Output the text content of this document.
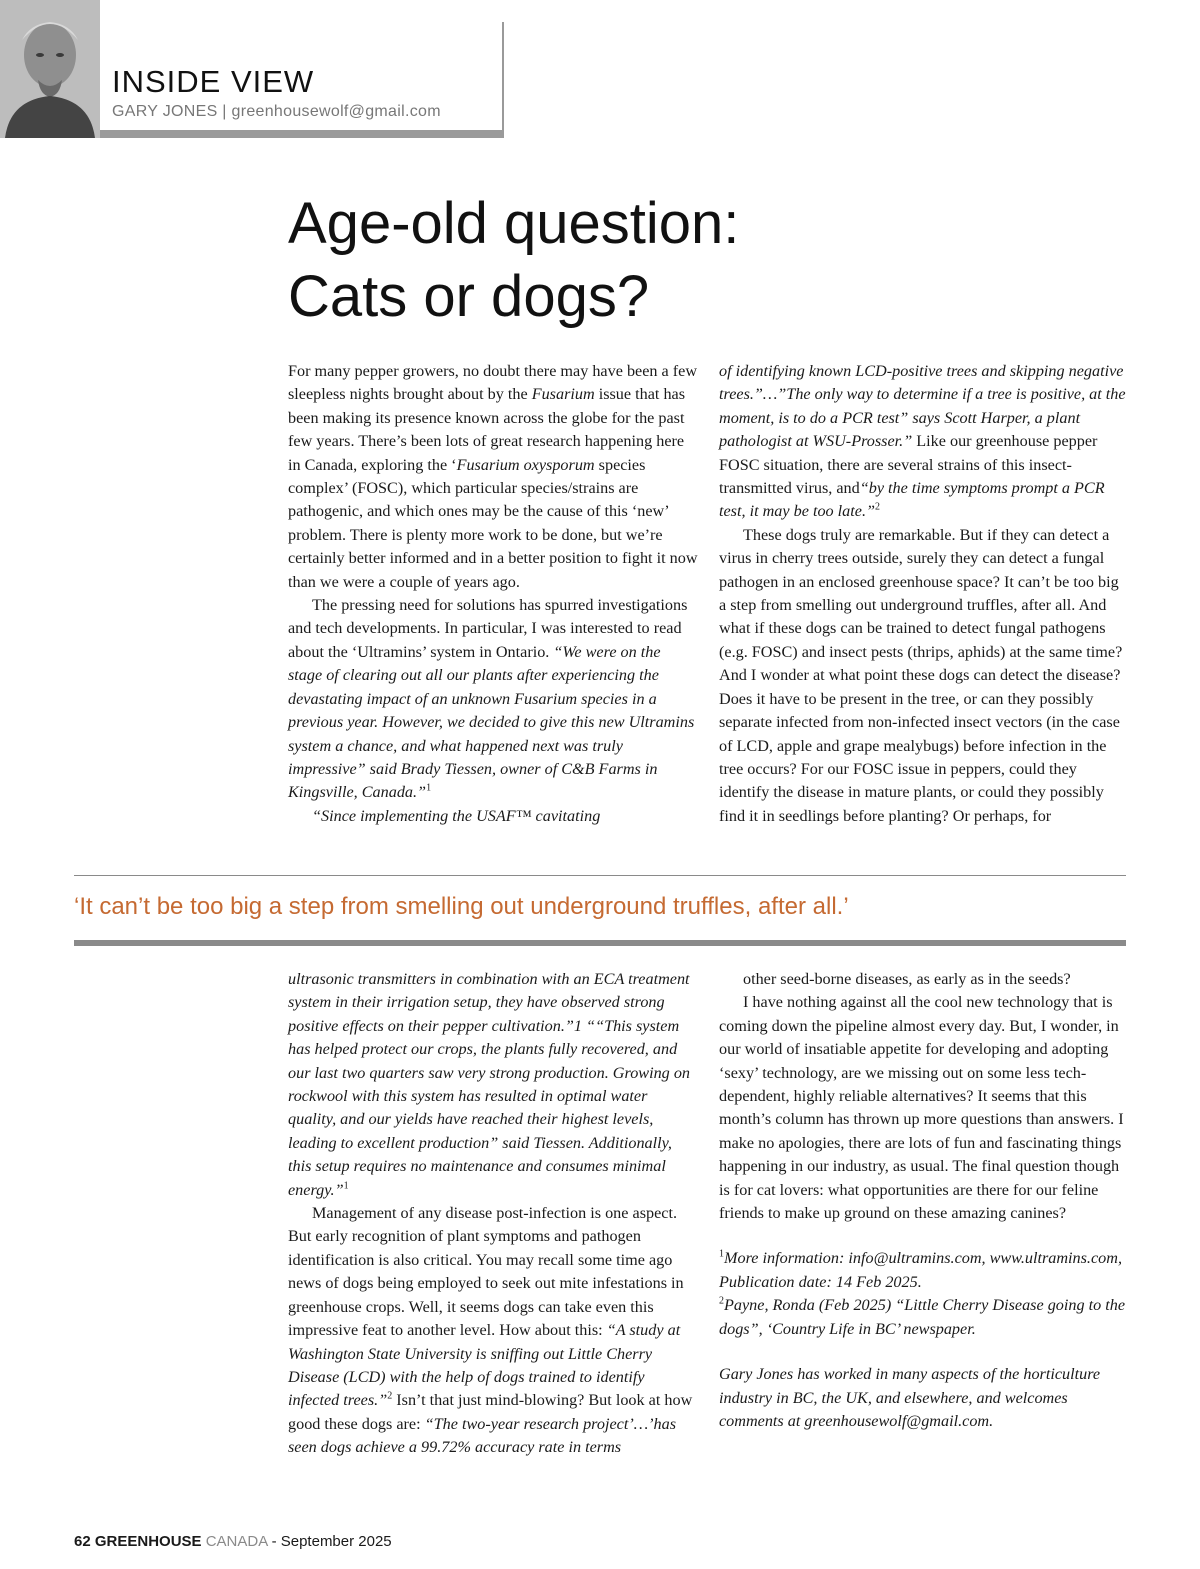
INSIDE VIEW
GARY JONES | greenhousewolf@gmail.com
Age-old question:
Cats or dogs?

For many pepper growers, no doubt there may have been a few sleepless nights brought about by the Fusarium issue that has been making its presence known across the globe for the past few years. There’s been lots of great research happening here in Canada, exploring the ‘Fusarium oxysporum species complex’ (FOSC), which particular species/strains are pathogenic, and which ones may be the cause of this ‘new’ problem. There is plenty more work to be done, but we’re certainly better informed and in a better position to fight it now than we were a couple of years ago.

The pressing need for solutions has spurred investigations and tech developments. In particular, I was interested to read about the ‘Ultramins’ system in Ontario. “We were on the stage of clearing out all our plants after experiencing the devastating impact of an unknown Fusarium species in a previous year. However, we decided to give this new Ultramins system a chance, and what happened next was truly impressive” said Brady Tiessen, owner of C&B Farms in Kingsville, Canada.”$^1$

“Since implementing the USAF™ cavitating

of identifying known LCD-positive trees and skipping negative trees.”…”The only way to determine if a tree is positive, at the moment, is to do a PCR test” says Scott Harper, a plant pathologist at WSU-Prosser.” Like our greenhouse pepper FOSC situation, there are several strains of this insect-transmitted virus, and“by the time symptoms prompt a PCR test, it may be too late.”$^2$

These dogs truly are remarkable. But if they can detect a virus in cherry trees outside, surely they can detect a fungal pathogen in an enclosed greenhouse space? It can’t be too big a step from smelling out underground truffles, after all. And what if these dogs can be trained to detect fungal pathogens (e.g. FOSC) and insect pests (thrips, aphids) at the same time? And I wonder at what point these dogs can detect the disease? Does it have to be present in the tree, or can they possibly separate infected from non-infected insect vectors (in the case of LCD, apple and grape mealybugs) before infection in the tree occurs? For our FOSC issue in peppers, could they identify the disease in mature plants, or could they possibly find it in seedlings before planting? Or perhaps, for

‘It can’t be too big a step from smelling out underground truffles, after all.’

ultrasonic transmitters in combination with an ECA treatment system in their irrigation setup, they have observed strong positive effects on their pepper cultivation.”1 ““This system has helped protect our crops, the plants fully recovered, and our last two quarters saw very strong production. Growing on rockwool with this system has resulted in optimal water quality, and our yields have reached their highest levels, leading to excellent production” said Tiessen. Additionally, this setup requires no maintenance and consumes minimal energy.”$^1$

Management of any disease post-infection is one aspect. But early recognition of plant symptoms and pathogen identification is also critical. You may recall some time ago news of dogs being employed to seek out mite infestations in greenhouse crops. Well, it seems dogs can take even this impressive feat to another level. How about this: “A study at Washington State University is sniffing out Little Cherry Disease (LCD) with the help of dogs trained to identify infected trees.”$^2$ Isn’t that just mind-blowing? But look at how good these dogs are: “The two-year research project’…’has seen dogs achieve a 99.72% accuracy rate in terms

other seed-borne diseases, as early as in the seeds?

I have nothing against all the cool new technology that is coming down the pipeline almost every day. But, I wonder, in our world of insatiable appetite for developing and adopting ‘sexy’ technology, are we missing out on some less tech-dependent, highly reliable alternatives? It seems that this month’s column has thrown up more questions than answers. I make no apologies, there are lots of fun and fascinating things happening in our industry, as usual. The final question though is for cat lovers: what opportunities are there for our feline friends to make up ground on these amazing canines?

$^1$More information: info@ultramins.com, www.ultramins.com, Publication date: 14 Feb 2025.

$^2$Payne, Ronda (Feb 2025) “Little Cherry Disease going to the dogs”, ‘Country Life in BC’ newspaper.

Gary Jones has worked in many aspects of the horticulture industry in BC, the UK, and elsewhere, and welcomes comments at greenhousewolf@gmail.com.

62 GREENHOUSE CANADA - September 2025
